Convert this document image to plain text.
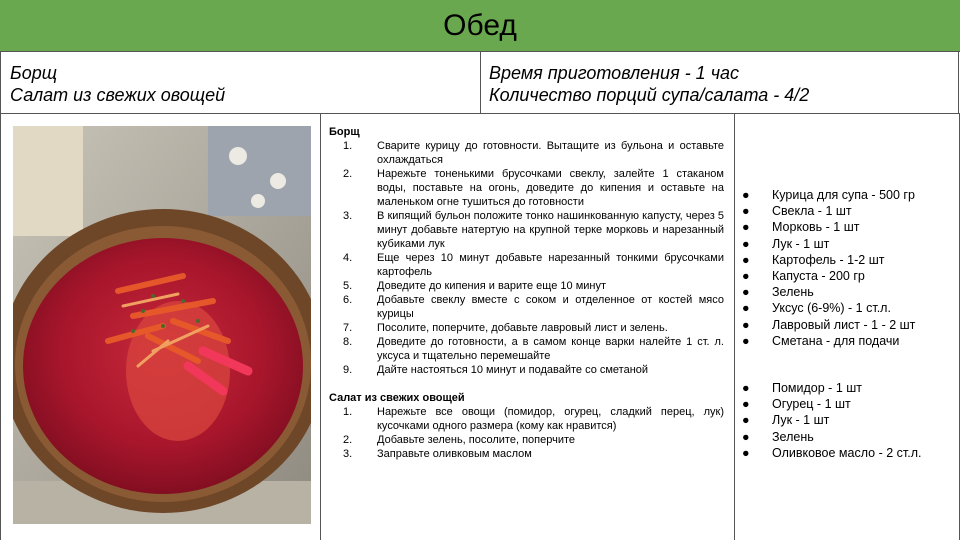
Обед
Борщ
Салат из свежих овощей
Время приготовления - 1 час
Количество порций супа/салата - 4/2

Борщ

1. Сварите курицу до готовности. Вытащите из бульона и оставьте охлаждаться
2. Нарежьте тоненькими брусочками свеклу, залейте 1 стаканом воды, поставьте на огонь, доведите до кипения и оставьте на маленьком огне тушиться до готовности
3. В кипящий бульон положите тонко нашинкованную капусту, через 5 минут добавьте натертую на крупной терке морковь и нарезанный кубиками лук
4. Еще через 10 минут добавьте нарезанный тонкими брусочками картофель
5. Доведите до кипения и варите еще 10 минут
6. Добавьте свеклу вместе с соком и отделенное от костей мясо курицы
7. Посолите, поперчите, добавьте лавровый лист и зелень.
8. Доведите до готовности, а в самом конце варки налейте 1 ст. л. уксуса и тщательно перемешайте
9. Дайте настояться 10 минут и подавайте со сметаной

Салат из свежих овощей

1. Нарежьте все овощи (помидор, огурец, сладкий перец, лук) кусочками одного размера (кому как нравится)
2. Добавьте зелень, посолите, поперчите
3. Заправьте оливковым маслом
● Курица для супа - 500 гр
● Свекла - 1 шт
● Морковь - 1 шт
● Лук - 1 шт
● Картофель - 1-2 шт
● Капуста - 200 гр
● Зелень
● Уксус (6-9%) - 1 ст.л.
● Лавровый лист - 1 - 2 шт
● Сметана - для подачи
● Помидор - 1 шт
● Огурец - 1 шт
● Лук - 1 шт
● Зелень
● Оливковое масло - 2 ст.л.
